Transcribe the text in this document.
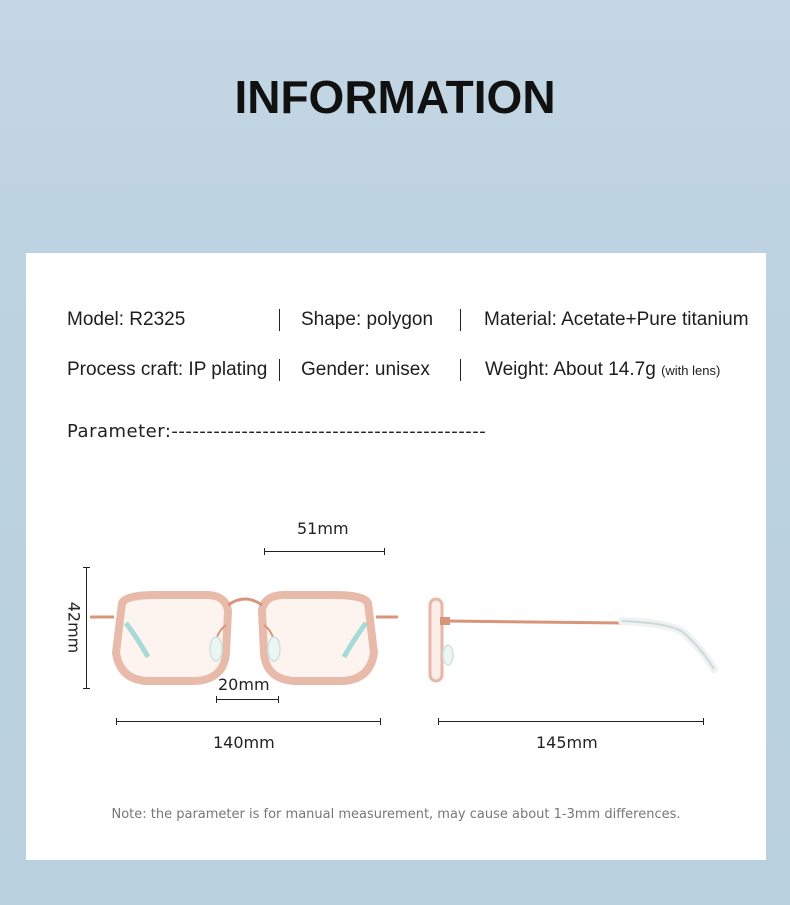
INFORMATION
Model: R2325	Shape: polygon	Material: Acetate+Pure titanium
Process craft: IP plating Gender: unisex	Weight: About 14.7g (with lens)
Parameter:---------------------------------------------
51mm
42mm
20mm
140mm	145mm
Note: the parameter is for manual measurement, may cause about 1-3mm differences.
